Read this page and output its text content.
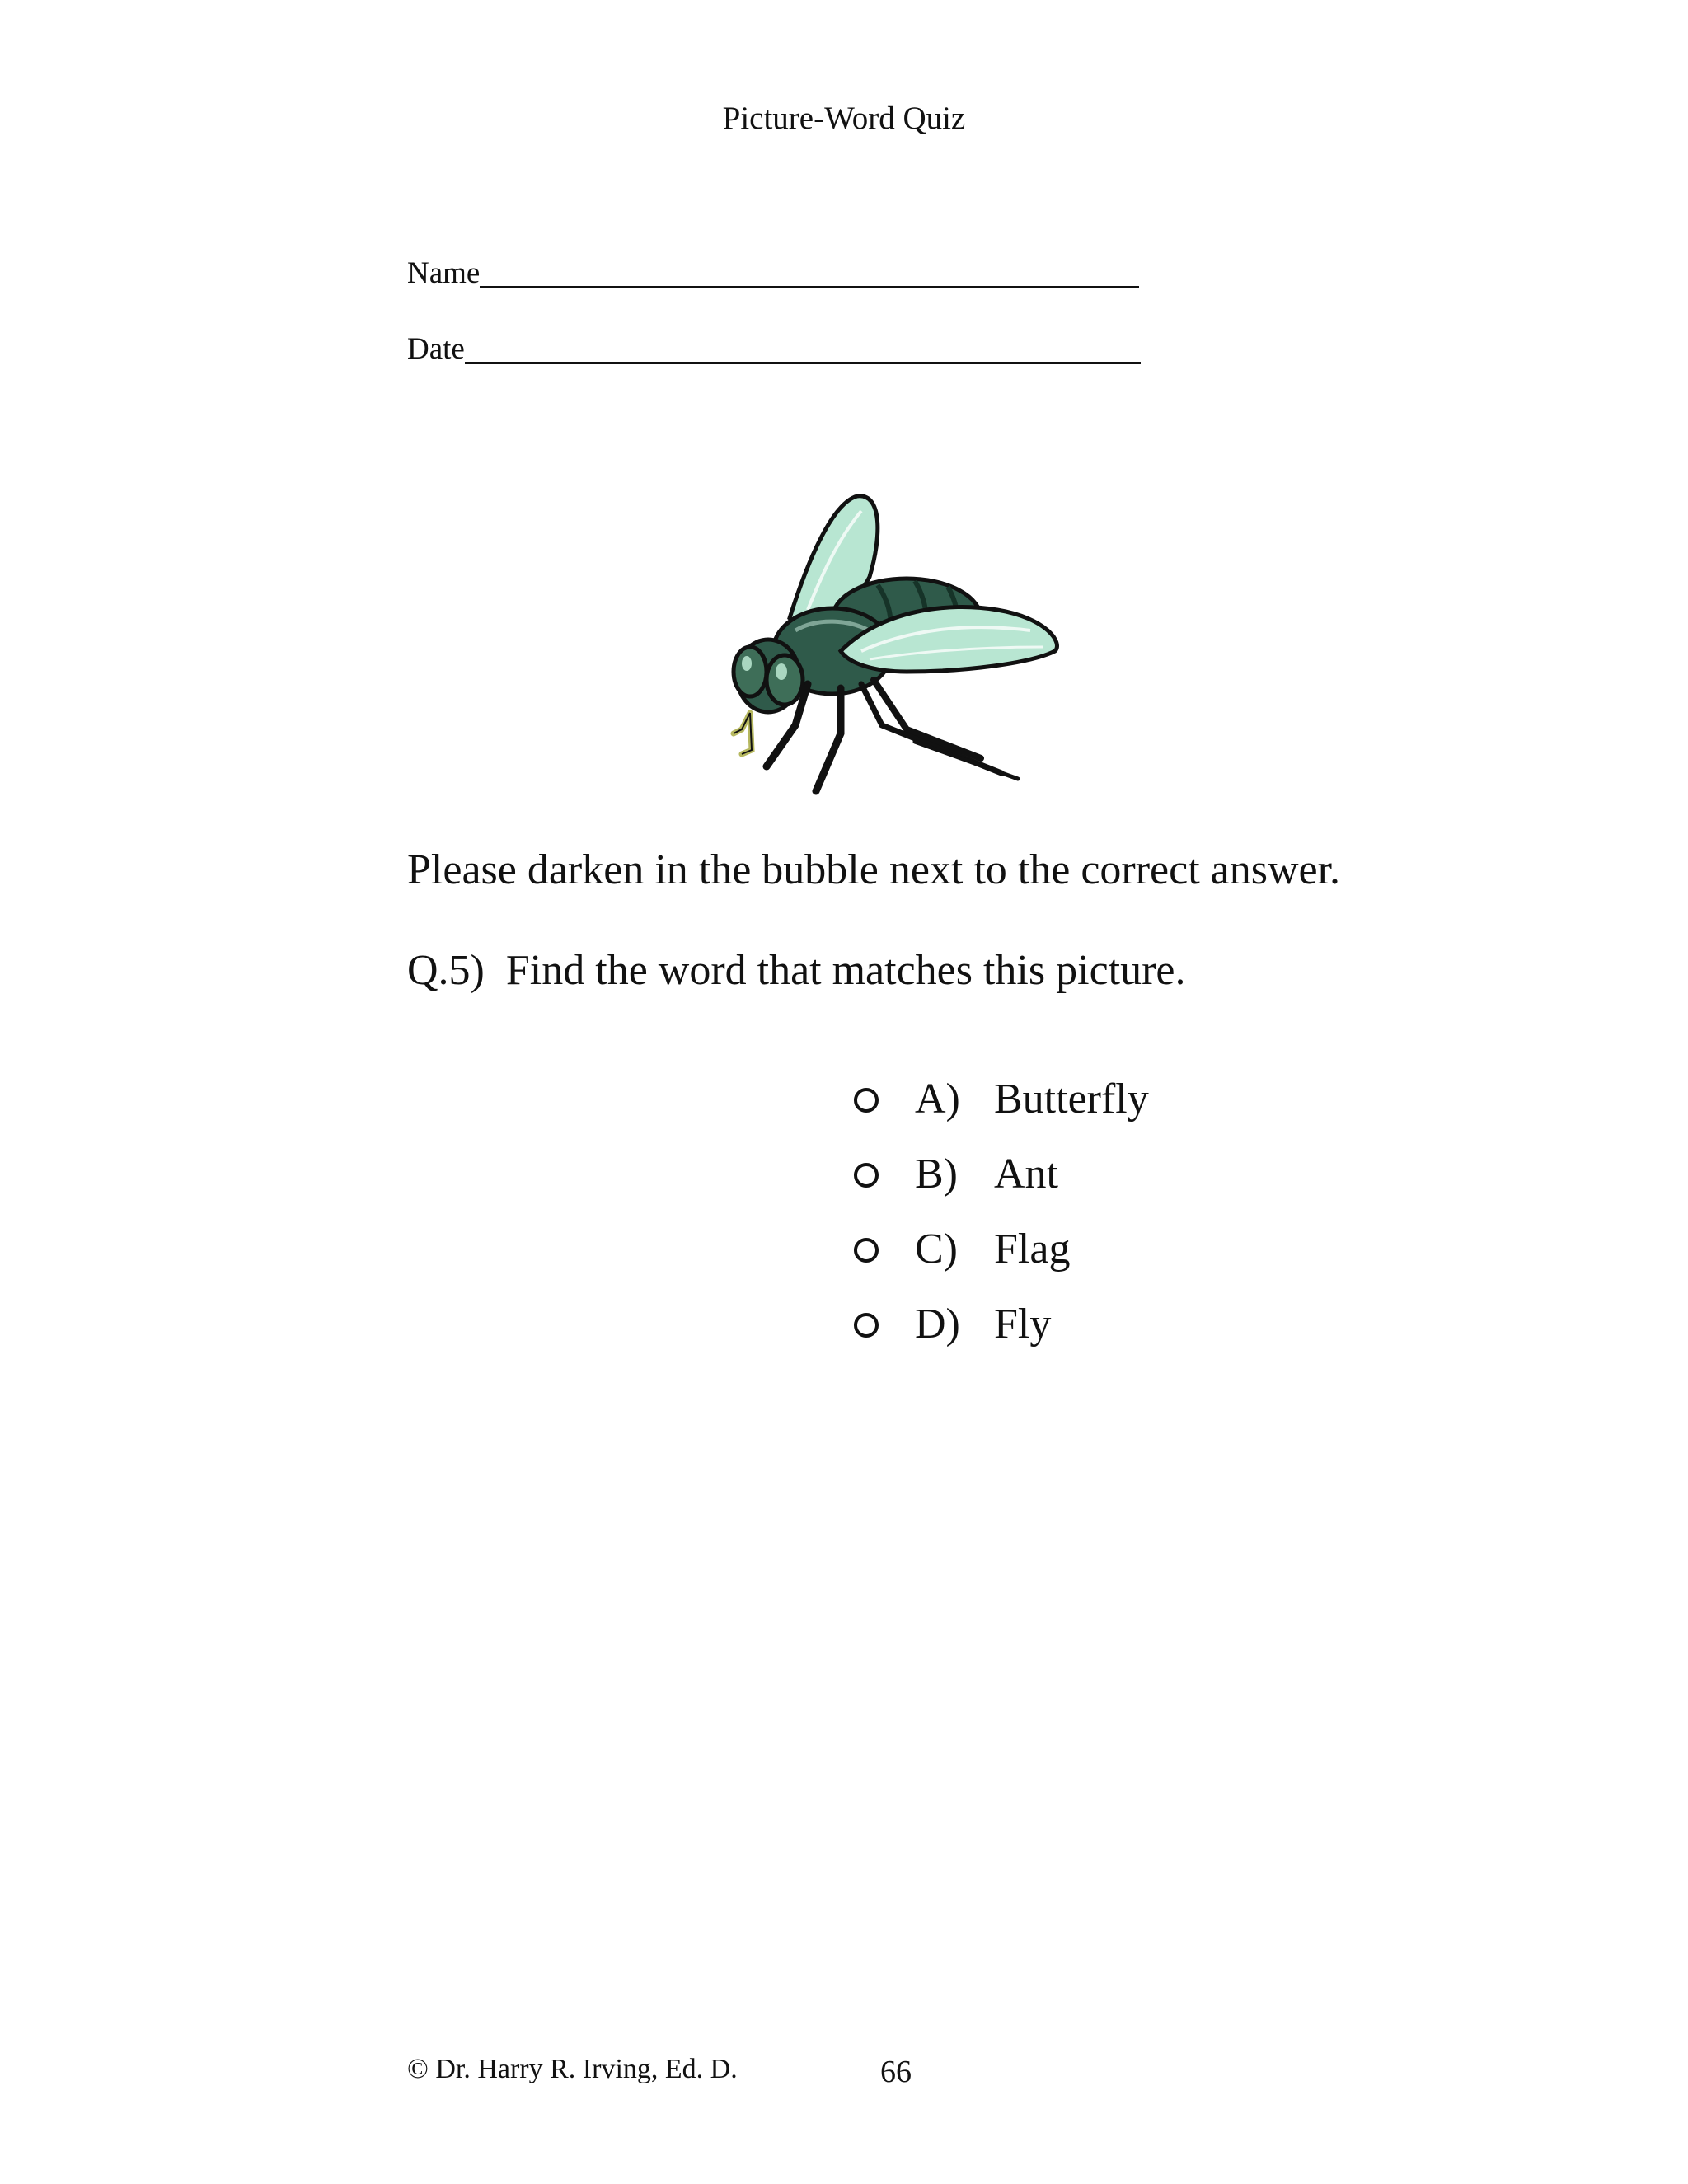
Picture-Word Quiz
Name
Date
Please darken in the bubble next to the correct answer.
Q.5) Find the word that matches this picture.
A) Butterfly
B) Ant
C) Flag
D) Fly
© Dr. Harry R. Irving, Ed. D.	66
